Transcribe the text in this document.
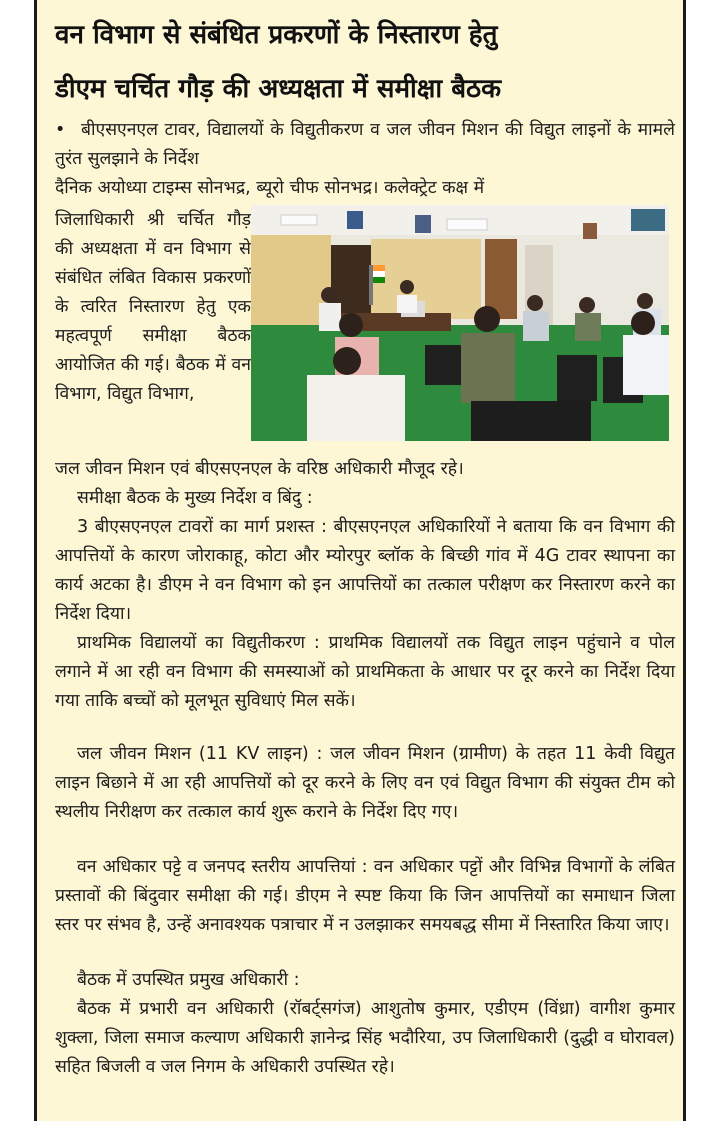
वन विभाग से संबंधित प्रकरणों के निस्तारण हेतु
डीएम चर्चित गौड़ की अध्यक्षता में समीक्षा बैठक
• बीएसएनएल टावर, विद्यालयों के विद्युतीकरण व जल जीवन मिशन की विद्युत लाइनों के मामले तुरंत सुलझाने के निर्देश
दैनिक अयोध्या टाइम्स सोनभद्र, ब्यूरो चीफ सोनभद्र। कलेक्ट्रेट कक्ष में
जिलाधिकारी श्री चर्चित गौड़ की अध्यक्षता में वन विभाग से संबंधित लंबित विकास प्रकरणों के त्वरित निस्तारण हेतु एक महत्वपूर्ण समीक्षा बैठक आयोजित की गई। बैठक में वन विभाग, विद्युत विभाग,
जल जीवन मिशन एवं बीएसएनएल के वरिष्ठ अधिकारी मौजूद रहे।
समीक्षा बैठक के मुख्य निर्देश व बिंदु :
3 बीएसएनएल टावरों का मार्ग प्रशस्त : बीएसएनएल अधिकारियों ने बताया कि वन विभाग की आपत्तियों के कारण जोराकाहू, कोटा और म्योरपुर ब्लॉक के बिच्छी गांव में 4G टावर स्थापना का कार्य अटका है। डीएम ने वन विभाग को इन आपत्तियों का तत्काल परीक्षण कर निस्तारण करने का निर्देश दिया।
प्राथमिक विद्यालयों का विद्युतीकरण : प्राथमिक विद्यालयों तक विद्युत लाइन पहुंचाने व पोल लगाने में आ रही वन विभाग की समस्याओं को प्राथमिकता के आधार पर दूर करने का निर्देश दिया गया ताकि बच्चों को मूलभूत सुविधाएं मिल सकें।
जल जीवन मिशन (11 KV लाइन) : जल जीवन मिशन (ग्रामीण) के तहत 11 केवी विद्युत लाइन बिछाने में आ रही आपत्तियों को दूर करने के लिए वन एवं विद्युत विभाग की संयुक्त टीम को स्थलीय निरीक्षण कर तत्काल कार्य शुरू कराने के निर्देश दिए गए।
वन अधिकार पट्टे व जनपद स्तरीय आपत्तियां : वन अधिकार पट्टों और विभिन्न विभागों के लंबित प्रस्तावों की बिंदुवार समीक्षा की गई। डीएम ने स्पष्ट किया कि जिन आपत्तियों का समाधान जिला स्तर पर संभव है, उन्हें अनावश्यक पत्राचार में न उलझाकर समयबद्ध सीमा में निस्तारित किया जाए।
बैठक में उपस्थित प्रमुख अधिकारी :
बैठक में प्रभारी वन अधिकारी (रॉबर्ट्सगंज) आशुतोष कुमार, एडीएम (विंध्रा) वागीश कुमार शुक्ला, जिला समाज कल्याण अधिकारी ज्ञानेन्द्र सिंह भदौरिया, उप जिलाधिकारी (दुद्धी व घोरावल) सहित बिजली व जल निगम के अधिकारी उपस्थित रहे।
